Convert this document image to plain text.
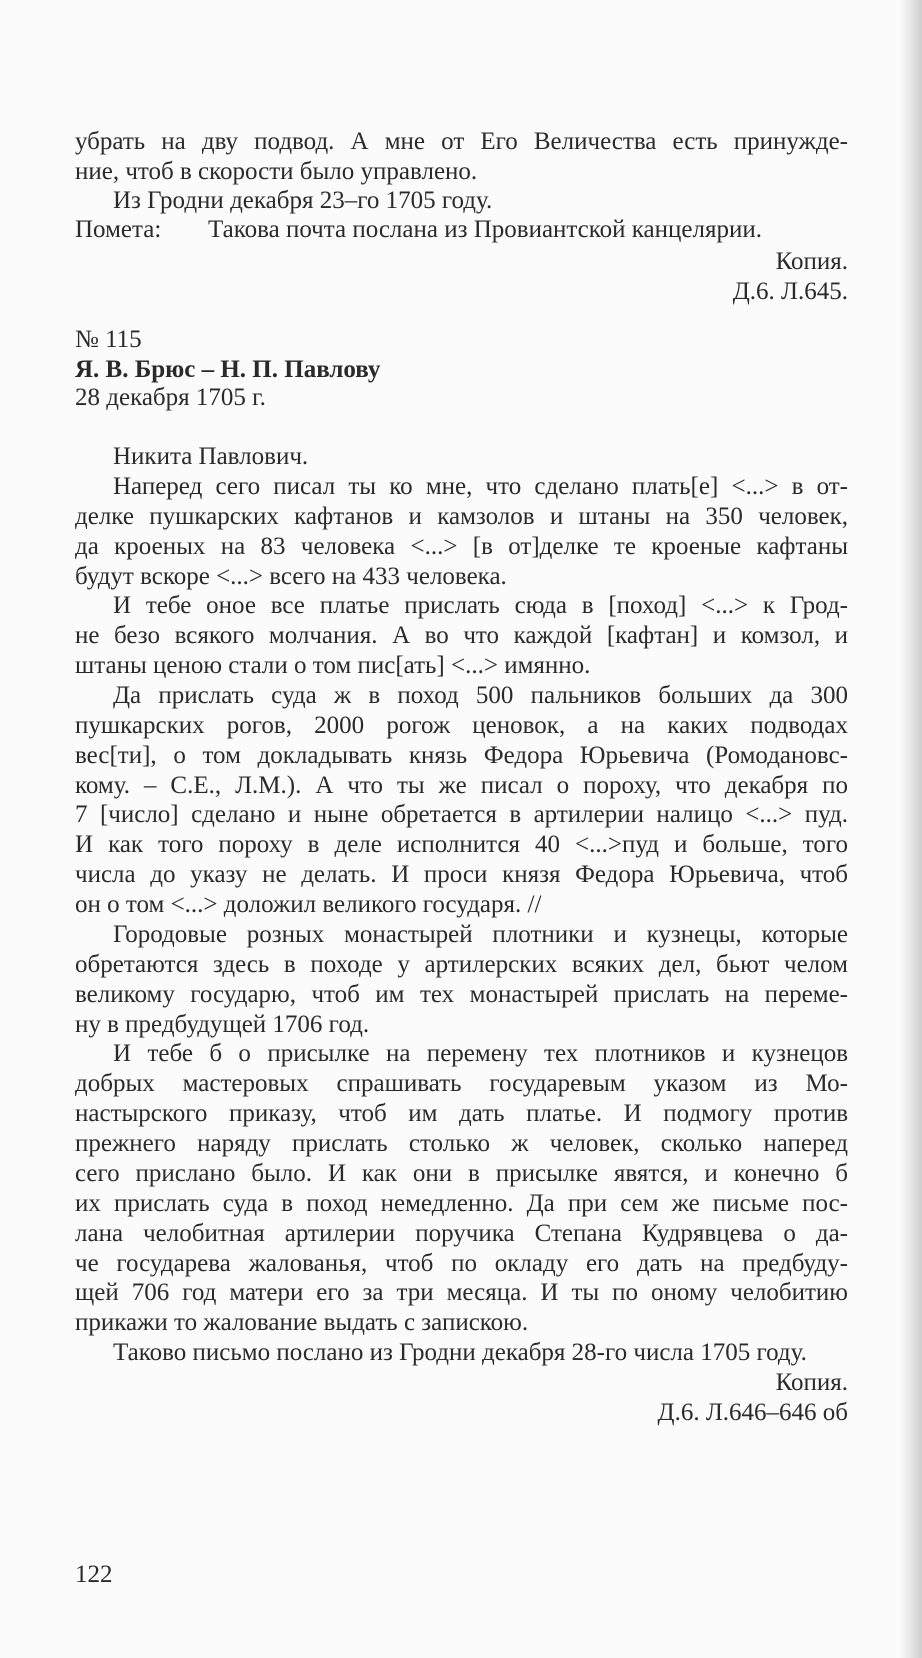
убрать на дву подвод. А мне от Его Величества есть принужде-
ние, чтоб в скорости было управлено.
Из Гродни декабря 23–го 1705 году.
Помета: Такова почта послана из Провиантской канцелярии.
Копия.
Д.6. Л.645.
№ 115
Я. В. Брюс – Н. П. Павлову
28 декабря 1705 г.
Никита Павлович.
Наперед сего писал ты ко мне, что сделано плать[е] <...> в от-
делке пушкарских кафтанов и камзолов и штаны на 350 человек,
да кроеных на 83 человека <...> [в от]делке те кроеные кафтаны
будут вскоре <...> всего на 433 человека.
И тебе оное все платье прислать сюда в [поход] <...> к Грод-
не безо всякого молчания. А во что каждой [кафтан] и комзол, и
штаны ценою стали о том пис[ать] <...> имянно.
Да прислать суда ж в поход 500 пальников больших да 300
пушкарских рогов, 2000 рогож ценовок, а на каких подводах
вес[ти], о том докладывать князь Федора Юрьевича (Ромодановс-
кому. – С.Е., Л.М.). А что ты же писал о пороху, что декабря по
7 [число] сделано и ныне обретается в артилерии налицо <...> пуд.
И как того пороху в деле исполнится 40 <...>пуд и больше, того
числа до указу не делать. И проси князя Федора Юрьевича, чтоб
он о том <...> доложил великого государя. //
Городовые розных монастырей плотники и кузнецы, которые
обретаются здесь в походе у артилерских всяких дел, бьют челом
великому государю, чтоб им тех монастырей прислать на переме-
ну в предбудущей 1706 год.
И тебе б о присылке на перемену тех плотников и кузнецов
добрых мастеровых спрашивать государевым указом из Мо-
настырского приказу, чтоб им дать платье. И подмогу против
прежнего наряду прислать столько ж человек, сколько наперед
сего прислано было. И как они в присылке явятся, и конечно б
их прислать суда в поход немедленно. Да при сем же письме пос-
лана челобитная артилерии поручика Степана Кудрявцева о да-
че государева жалованья, чтоб по окладу его дать на предбуду-
щей 706 год матери его за три месяца. И ты по оному челобитию
прикажи то жалование выдать с запискою.
Таково письмо послано из Гродни декабря 28-го числа 1705 году.
Копия.
Д.6. Л.646–646 об
122
